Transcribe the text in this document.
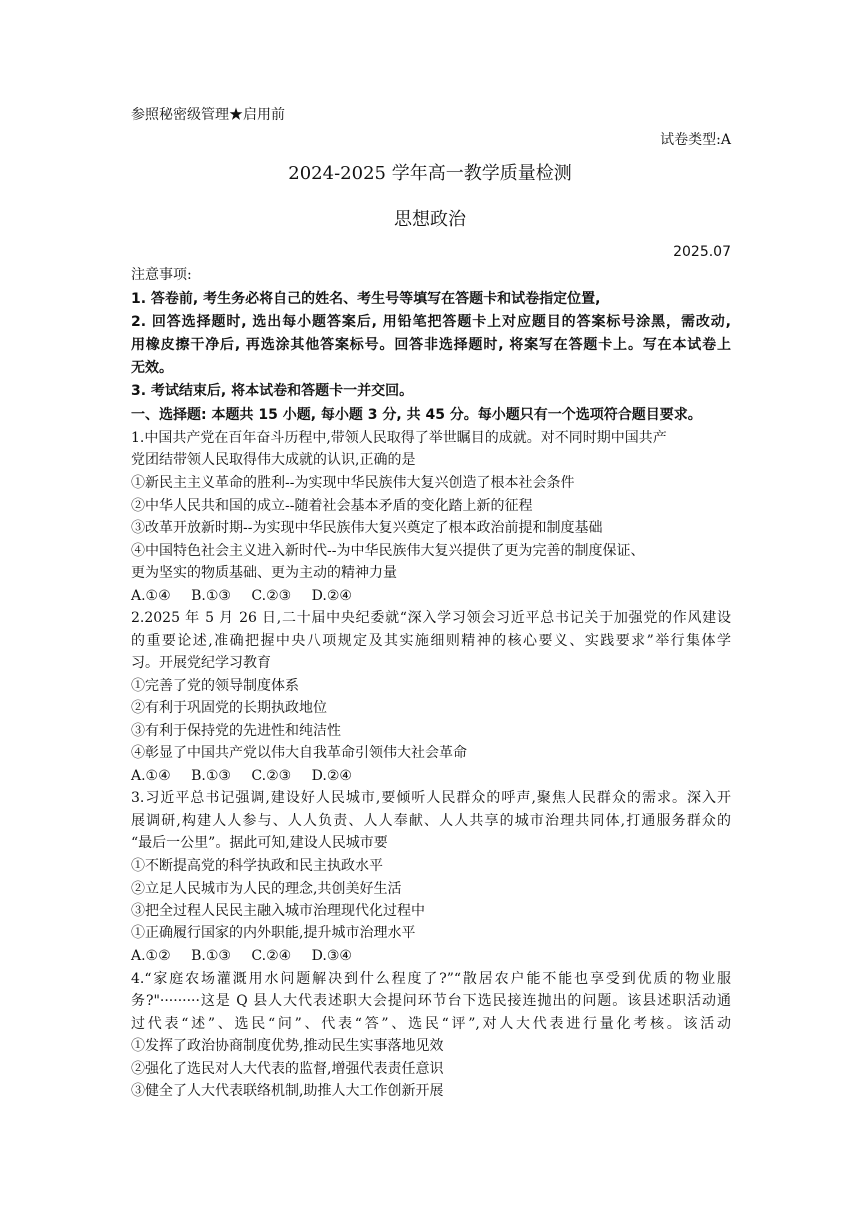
参照秘密级管理★启用前
试卷类型:A
2024-2025 学年高一教学质量检测
思想政治
2025.07
注意事项:
1. 答卷前, 考生务必将自己的姓名、考生号等填写在答题卡和试卷指定位置,
2. 回答选择题时, 选出每小题答案后, 用铅笔把答题卡上对应题目的答案标号涂黑，需改动,
用橡皮擦干净后, 再选涂其他答案标号。回答非选择题时, 将案写在答题卡上。写在本试卷上
无效。
3. 考试结束后, 将本试卷和答题卡一并交回。
一、选择题: 本题共 15 小题, 每小题 3 分, 共 45 分。每小题只有一个选项符合题目要求。
1.中国共产党在百年奋斗历程中,带领人民取得了举世瞩目的成就。对不同时期中国共产
党团结带领人民取得伟大成就的认识,正确的是
①新民主主义革命的胜利--为实现中华民族伟大复兴创造了根本社会条件
②中华人民共和国的成立--随着社会基本矛盾的变化踏上新的征程
③改革开放新时期--为实现中华民族伟大复兴奠定了根本政治前提和制度基础
④中国特色社会主义进入新时代--为中华民族伟大复兴提供了更为完善的制度保证、
更为坚实的物质基础、更为主动的精神力量
A.①④ B.①③ C.②③ D.②④
2.2025 年 5 月 26 日,二十届中央纪委就“深入学习领会习近平总书记关于加强党的作风建设
的重要论述,准确把握中央八项规定及其实施细则精神的核心要义、实践要求”举行集体学
习。开展党纪学习教育
①完善了党的领导制度体系
②有利于巩固党的长期执政地位
③有利于保持党的先进性和纯洁性
④彰显了中国共产党以伟大自我革命引领伟大社会革命
A.①④ B.①③ C.②③ D.②④
3.习近平总书记强调,建设好人民城市,要倾听人民群众的呼声,聚焦人民群众的需求。深入开
展调研,构建人人参与、人人负责、人人奉献、人人共享的城市治理共同体,打通服务群众的
“最后一公里”。据此可知,建设人民城市要
①不断提高党的科学执政和民主执政水平
②立足人民城市为人民的理念,共创美好生活
③把全过程人民民主融入城市治理现代化过程中
①正确履行国家的内外职能,提升城市治理水平
A.①② B.①③ C.②④ D.③④
4.“家庭农场灌溉用水问题解决到什么程度了?”“散居农户能不能也享受到优质的物业服
务?"·········这是 Q 县人大代表述职大会提问环节台下选民接连抛出的问题。该县述职活动通
过代表“述”、选民“问”、代表“答”、选民“评”,对人大代表进行量化考核。该活动
①发挥了政治协商制度优势,推动民生实事落地见效
②强化了选民对人大代表的监督,增强代表责任意识
③健全了人大代表联络机制,助推人大工作创新开展
